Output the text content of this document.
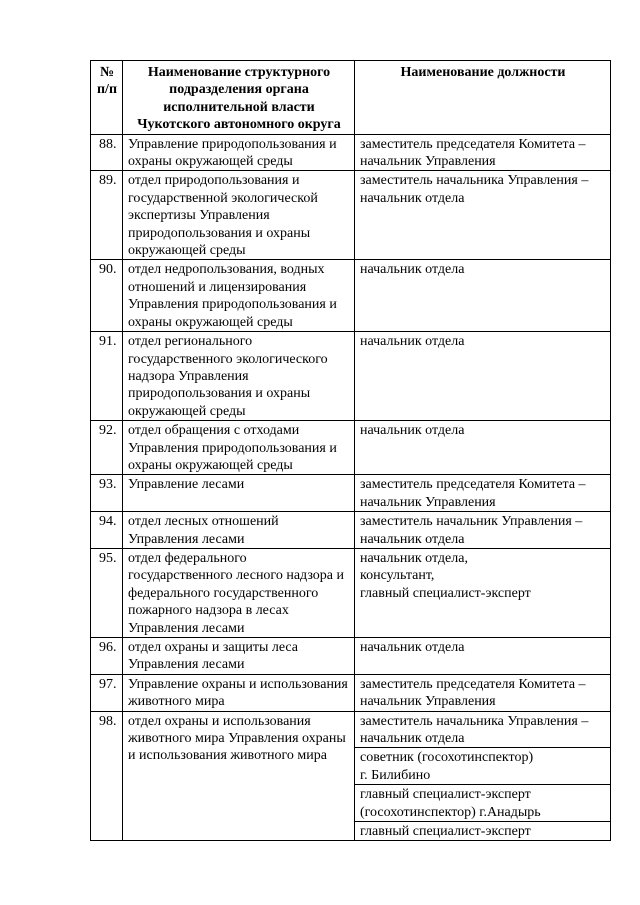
№
п/п	Наименование структурного подразделения органа исполнительной власти Чукотского автономного округа	Наименование должности
88.	Управление природопользования и охраны окружающей среды	заместитель председателя Комитета – начальник Управления

89.	отдел природопользования и государственной экологической экспертизы Управления природопользования и охраны окружающей среды	заместитель начальника Управления – начальник отдела

90.	отдел недропользования, водных отношений и лицензирования Управления природопользования и охраны окружающей среды	начальник отдела

91.	отдел регионального государственного экологического надзора Управления природопользования и охраны окружающей среды	начальник отдела

92.	отдел обращения с отходами Управления природопользования и охраны окружающей среды	начальник отдела

93.	Управление лесами	заместитель председателя Комитета – начальник Управления

94.	отдел лесных отношений Управления лесами	заместитель начальник Управления – начальник отдела

95.	отдел федерального государственного лесного надзора и федерального государственного пожарного надзора в лесах Управления лесами	начальник отдела,
консультант,
главный специалист-эксперт

96.	отдел охраны и защиты леса Управления лесами	начальник отдела

97.	Управление охраны и использования животного мира	заместитель председателя Комитета – начальник Управления

98.	отдел охраны и использования животного мира Управления охраны и использования животного мира	заместитель начальника Управления – начальник отдела
советник (госохотинспектор)
г. Билибино
главный специалист-эксперт (госохотинспектор) г.Анадырь
главный специалист-эксперт
